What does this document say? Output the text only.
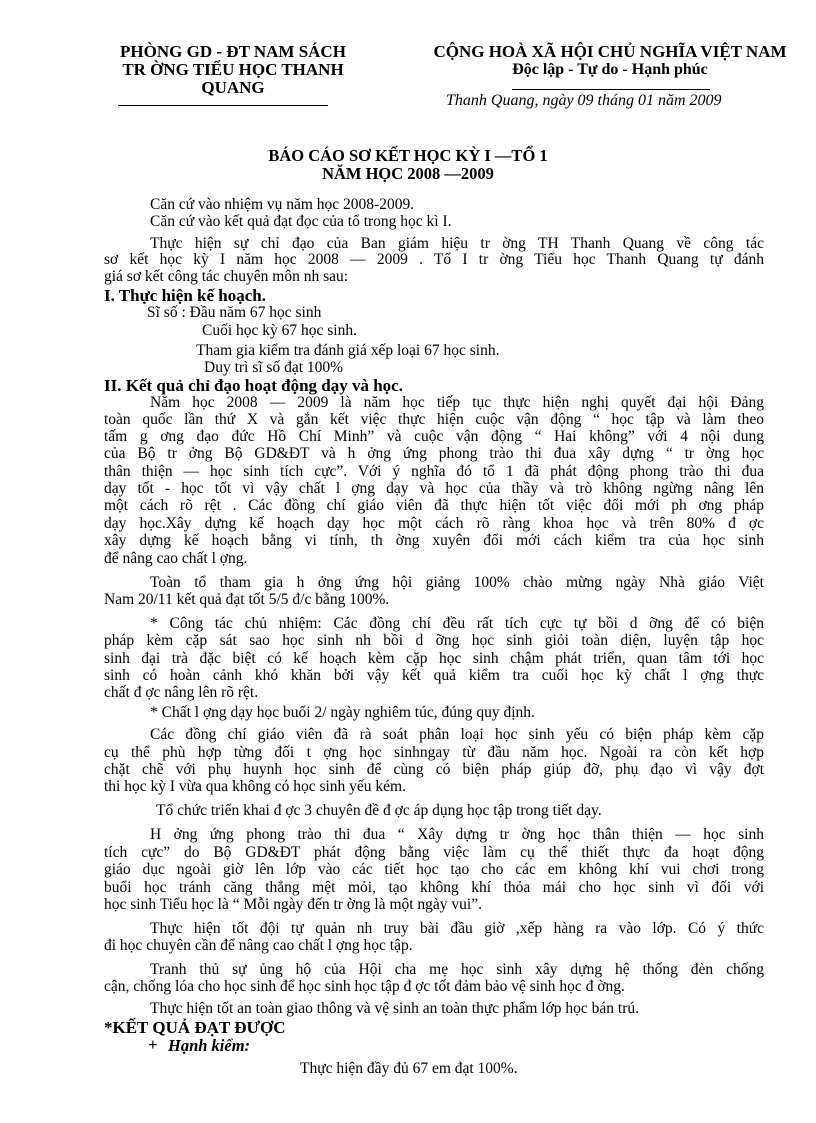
PHÒNG GD - ĐT NAM SÁCH
TR ỜNG TIỂU HỌC THANH
QUANG
CỘNG HOÀ XÃ HỘI CHỦ NGHĨA VIỆT NAM
Độc lập - Tự do - Hạnh phúc
Thanh Quang, ngày 09 tháng 01 năm 2009
BÁO CÁO SƠ KẾT HỌC KỲ I —TỔ 1
NĂM HỌC 2008 —2009
Căn cứ vào nhiệm vụ năm học 2008-2009.
Căn cứ vào kết quả đạt đọc của tổ trong học kì I.
Thực hiện sự chỉ đạo của Ban giám hiệu tr ờng TH Thanh Quang về công tác
sơ kết học kỳ I năm học 2008 — 2009 . Tổ I tr ờng Tiểu học Thanh Quang tự đánh
giá sơ kết công tác chuyên môn nh sau:
I. Thực hiện kế hoạch.
Sĩ số : Đầu năm 67 học sinh
Cuối học kỳ 67 học sinh.
Tham gia kiểm tra đánh giá xếp loại 67 học sinh.
Duy trì sĩ số đạt 100%
II. Kết quả chỉ đạo hoạt động dạy và học.
Năm học 2008 — 2009 là năm học tiếp tục thực hiện nghị quyết đại hội Đảng
toàn quốc lần thứ X và gắn kết việc thực hiện cuộc vận động “ học tập và làm theo
tấm g ơng đạo đức Hồ Chí Minh” và cuộc vận động “ Hai không” với 4 nội dung
của Bộ tr ởng Bộ GD&ĐT và h ởng ứng phong trào thi đua xây dựng “ tr ờng học
thân thiện — học sinh tích cực”. Với ý nghĩa đó tổ 1 đã phát động phong trào thi đua
dạy tốt - học tốt vì vậy chất l ợng dạy và học của thầy và trò không ngừng nâng lên
một cách rõ rệt . Các đồng chí giáo viên đã thực hiện tốt việc đổi mới ph ơng pháp
dạy học.Xây dựng kế hoạch dạy học một cách rõ ràng khoa học và trên 80% đ ợc
xây dựng kế hoạch bằng vi tính, th ờng xuyên đổi mới cách kiểm tra của học sinh
để nâng cao chất l ợng.
Toàn tổ tham gia h ởng ứng hội giảng 100% chào mừng ngày Nhà giáo Việt
Nam 20/11 kết quả đạt tốt 5/5 đ/c bằng 100%.
* Công tác chủ nhiệm: Các đồng chí đều rất tích cực tự bồi d ỡng để có biện
pháp kèm cặp sát sao học sinh nh bồi d ỡng học sinh giỏi toàn diện, luyện tập học
sinh đại trà đặc biệt có kế hoạch kèm cặp học sinh chậm phát triển, quan tâm tới học
sinh có hoàn cảnh khó khăn bởi vậy kết quả kiểm tra cuối học kỳ chất l ợng thực
chất đ ợc nâng lên rõ rệt.
* Chất l ợng dạy học buổi 2/ ngày nghiêm túc, đúng quy định.
Các đồng chí giáo viên đã rà soát phân loại học sinh yếu có biện pháp kèm cặp
cụ thể phù hợp từng đối t ợng học sinhngay từ đầu năm học. Ngoài ra còn kết hợp
chặt chẽ với phụ huynh học sinh để cùng có biện pháp giúp đỡ, phụ đạo vì vậy đợt
thi học kỳ I vừa qua không có học sinh yếu kém.
Tổ chức triển khai đ ợc 3 chuyên đề đ ợc áp dụng học tập trong tiết dạy.
H ởng ứng phong trào thi đua “ Xây dựng tr ờng học thân thiện — học sinh
tích cực” do Bộ GD&ĐT phát động bằng việc làm cụ thể thiết thực đa hoạt động
giáo dục ngoài giờ lên lớp vào các tiết học tạo cho các em không khí vui chơi trong
buổi học tránh căng thẳng mệt mỏi, tạo không khí thỏa mái cho học sinh vì đối với
học sinh Tiểu học là “ Mỗi ngày đến tr ờng là một ngày vui”.
Thực hiện tốt đội tự quản nh truy bài đầu giờ ,xếp hàng ra vào lớp. Có ý thức
đi học chuyên cần để nâng cao chất l ợng học tập.
Tranh thủ sự ủng hộ của Hội cha mẹ học sinh xây dựng hệ thống đèn chống
cận, chống lóa cho học sinh để học sinh học tập đ ợc tốt đảm bảo vệ sinh học đ ờng.
Thực hiện tốt an toàn giao thông và vệ sinh an toàn thực phẩm lớp học bán trú.
*KẾT QUẢ ĐẠT ĐƯỢC
+ Hạnh kiểm:
Thực hiện đầy đủ 67 em đạt 100%.
